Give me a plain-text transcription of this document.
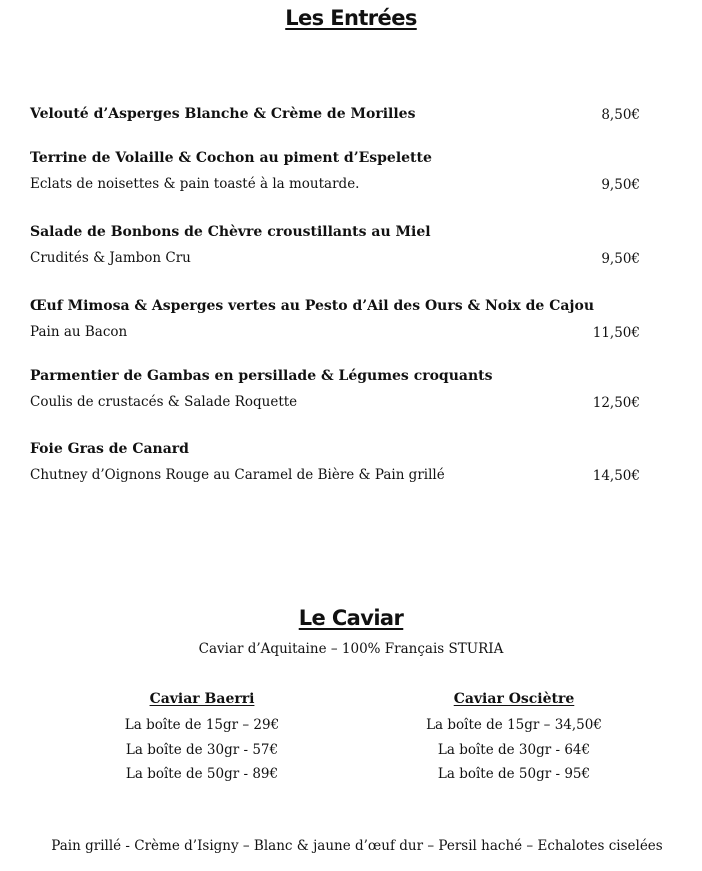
Les Entrées
Velouté d’Asperges Blanche & Crème de Morilles	8,50€
Terrine de Volaille & Cochon au piment d’Espelette
Eclats de noisettes & pain toasté à la moutarde.	9,50€
Salade de Bonbons de Chèvre croustillants au Miel
Crudités & Jambon Cru	9,50€
Œuf Mimosa & Asperges vertes au Pesto d’Ail des Ours & Noix de Cajou
Pain au Bacon	11,50€
Parmentier de Gambas en persillade & Légumes croquants
Coulis de crustacés & Salade Roquette	12,50€
Foie Gras de Canard
Chutney d’Oignons Rouge au Caramel de Bière & Pain grillé	14,50€
Le Caviar
Caviar d’Aquitaine – 100% Français STURIA
Caviar Baerri
La boîte de 15gr – 29€
La boîte de 30gr - 57€
La boîte de 50gr - 89€
Caviar Osciètre
La boîte de 15gr – 34,50€
La boîte de 30gr - 64€
La boîte de 50gr - 95€
Pain grillé - Crème d’Isigny – Blanc & jaune d’œuf dur – Persil haché – Echalotes ciselées
